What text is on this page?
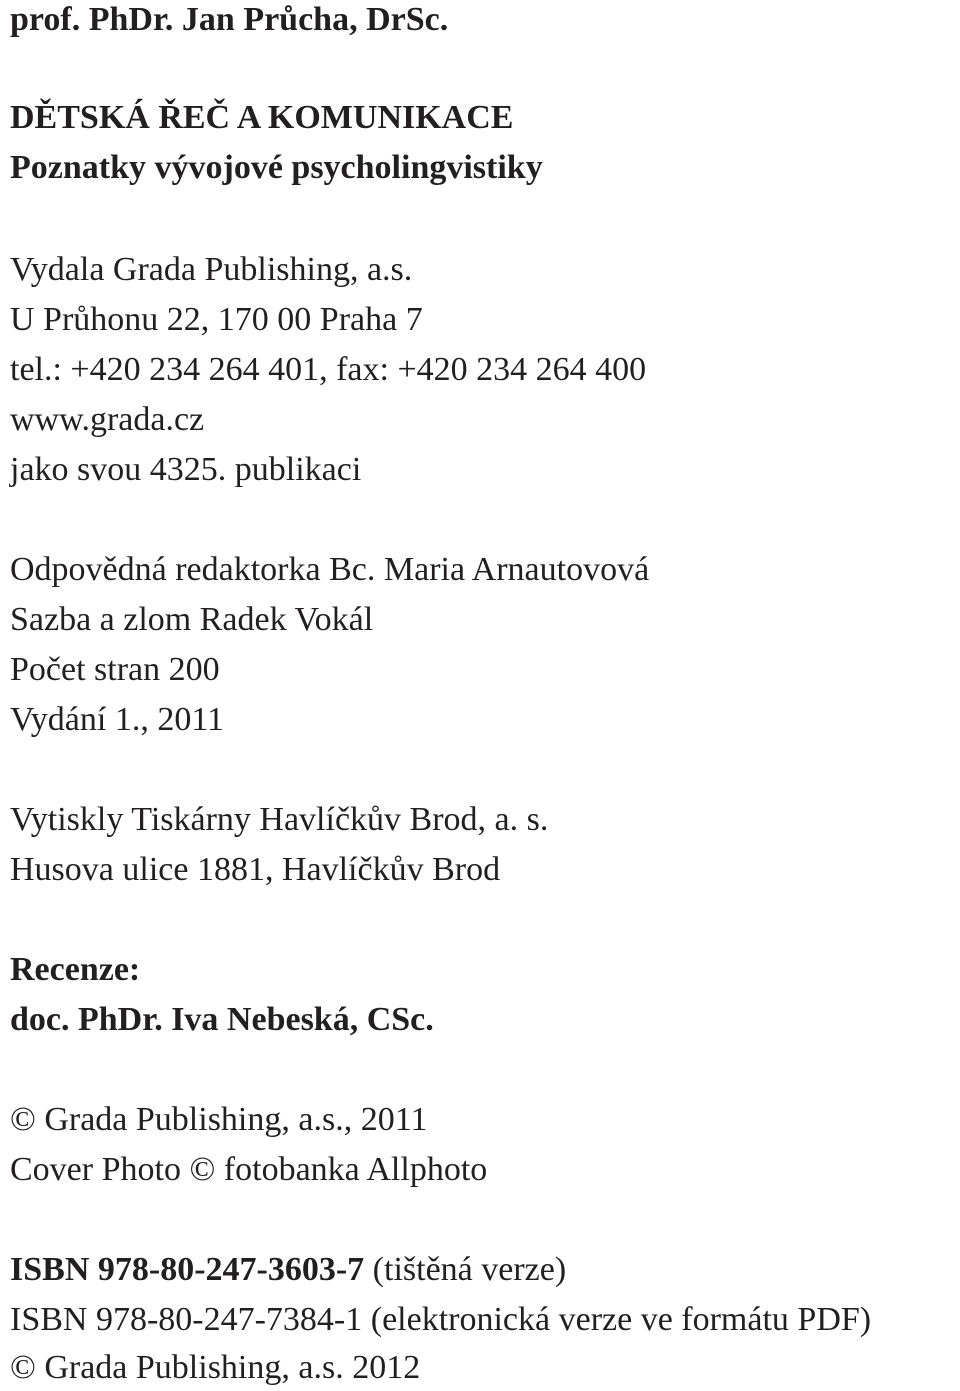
prof. PhDr. Jan Průcha, DrSc.
DĚTSKÁ ŘEČ A KOMUNIKACE
Poznatky vývojové psycholingvistiky
Vydala Grada Publishing, a.s.
U Průhonu 22, 170 00 Praha 7
tel.: +420 234 264 401, fax: +420 234 264 400
www.grada.cz
jako svou 4325. publikaci
Odpovědná redaktorka Bc. Maria Arnautovová
Sazba a zlom Radek Vokál
Počet stran 200
Vydání 1., 2011
Vytiskly Tiskárny Havlíčkův Brod, a. s.
Husova ulice 1881, Havlíčkův Brod
Recenze:
doc. PhDr. Iva Nebeská, CSc.
© Grada Publishing, a.s., 2011
Cover Photo © fotobanka Allphoto
ISBN 978-80-247-3603-7 (tištěná verze)
ISBN 978-80-247-7384-1 (elektronická verze ve formátu PDF)
© Grada Publishing, a.s. 2012
